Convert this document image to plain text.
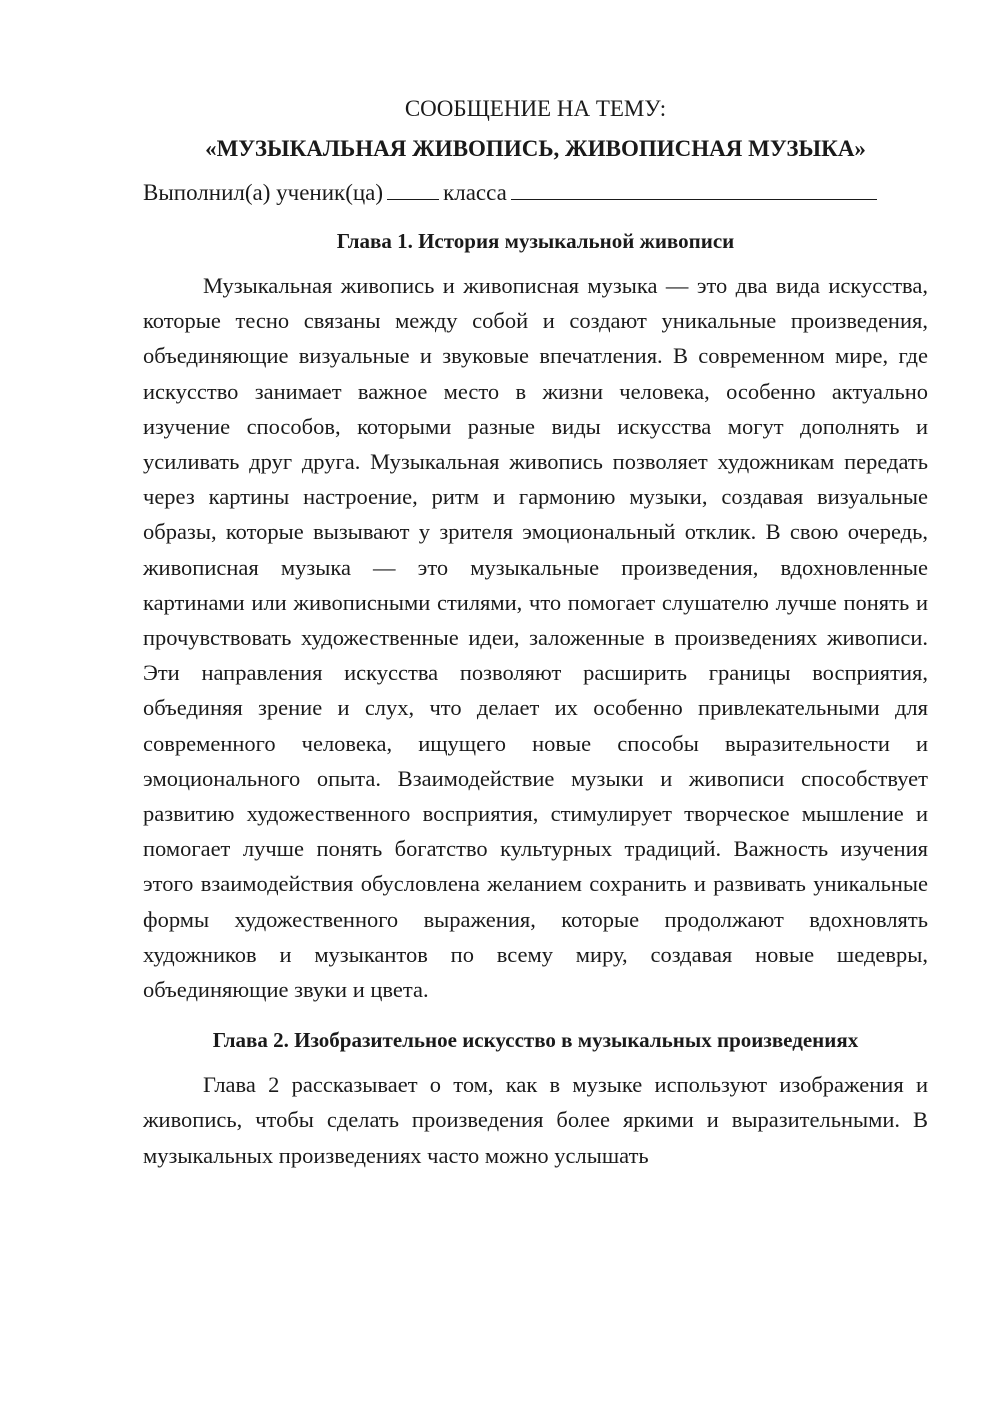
СООБЩЕНИЕ НА ТЕМУ:

«МУЗЫКАЛЬНАЯ ЖИВОПИСЬ, ЖИВОПИСНАЯ МУЗЫКА»

Выполнил(а) ученик(ца)	класса

Глава 1. История музыкальной живописи

Музыкальная живопись и живописная музыка — это два вида искусства, которые тесно связаны между собой и создают уникальные произведения, объединяющие визуальные и звуковые впечатления. В современном мире, где искусство занимает важное место в жизни человека, особенно актуально изучение способов, которыми разные виды искусства могут дополнять и усиливать друг друга. Музыкальная живопись позволяет художникам передать через картины настроение, ритм и гармонию музыки, создавая визуальные образы, которые вызывают у зрителя эмоциональный отклик. В свою очередь, живописная музыка — это музыкальные произведения, вдохновленные картинами или живописными стилями, что помогает слушателю лучше понять и прочувствовать художественные идеи, заложенные в произведениях живописи. Эти направления искусства позволяют расширить границы восприятия, объединяя зрение и слух, что делает их особенно привлекательными для современного человека, ищущего новые способы выразительности и эмоционального опыта. Взаимодействие музыки и живописи способствует развитию художественного восприятия, стимулирует творческое мышление и помогает лучше понять богатство культурных традиций. Важность изучения этого взаимодействия обусловлена желанием сохранить и развивать уникальные формы художественного выражения, которые продолжают вдохновлять художников и музыкантов по всему миру, создавая новые шедевры, объединяющие звуки и цвета.

Глава 2. Изобразительное искусство в музыкальных произведениях

Глава 2 рассказывает о том, как в музыке используют изображения и живопись, чтобы сделать произведения более яркими и выразительными. В музыкальных произведениях часто можно услышать
